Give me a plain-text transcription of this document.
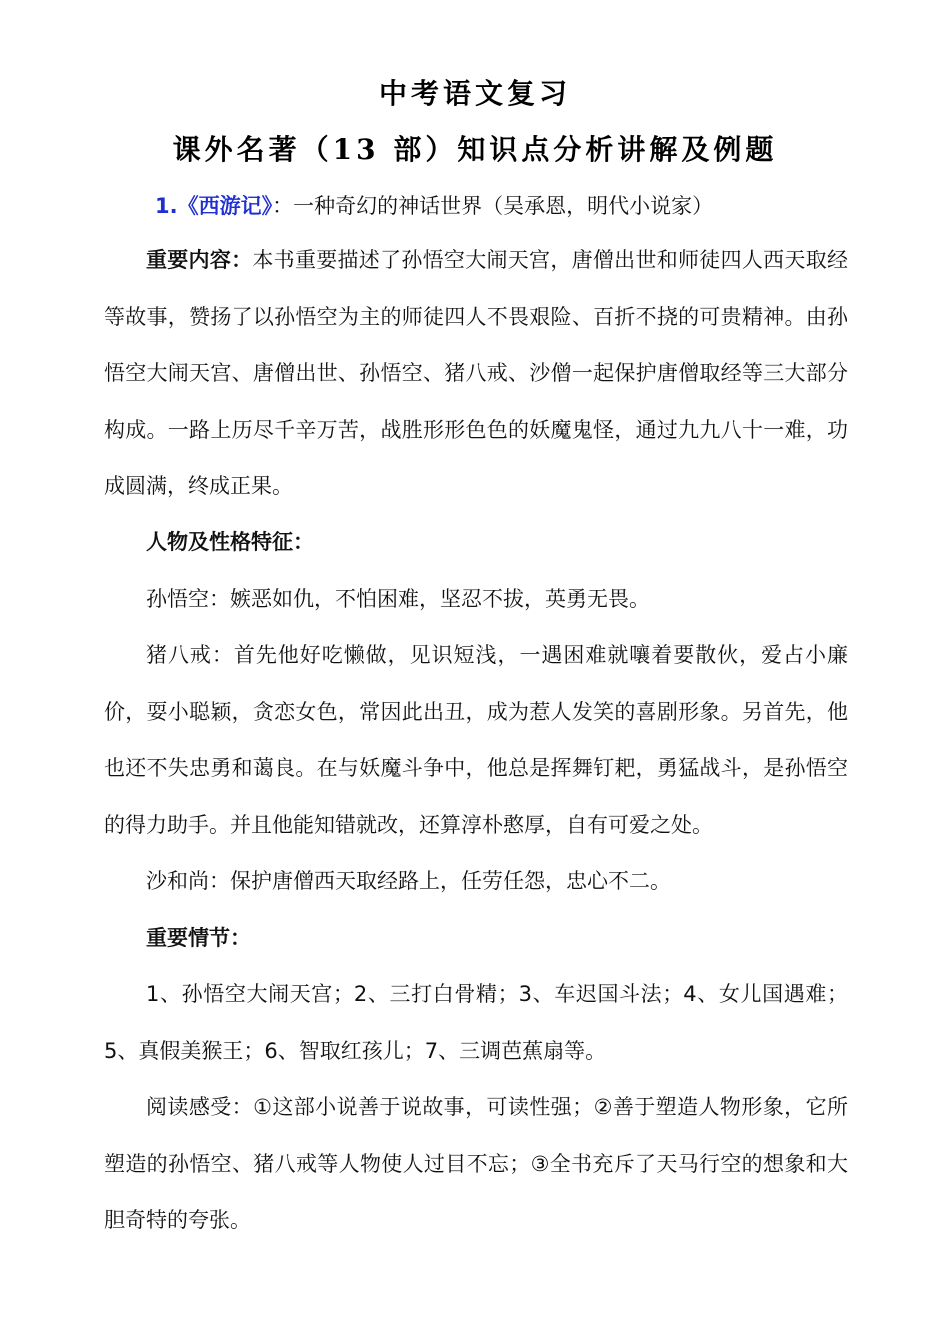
中考语文复习
课外名著（13 部）知识点分析讲解及例题
1.《西游记》：一种奇幻的神话世界（吴承恩，明代小说家）
重要内容：本书重要描述了孙悟空大闹天宫，唐僧出世和师徒四人西天取经等故事，赞扬了以孙悟空为主的师徒四人不畏艰险、百折不挠的可贵精神。由孙悟空大闹天宫、唐僧出世、孙悟空、猪八戒、沙僧一起保护唐僧取经等三大部分构成。一路上历尽千辛万苦，战胜形形色色的妖魔鬼怪，通过九九八十一难，功成圆满，终成正果。
人物及性格特征：
孙悟空：嫉恶如仇，不怕困难，坚忍不拔，英勇无畏。
猪八戒：首先他好吃懒做，见识短浅，一遇困难就嚷着要散伙，爱占小廉价，耍小聪颖，贪恋女色，常因此出丑，成为惹人发笑的喜剧形象。另首先，他也还不失忠勇和蔼良。在与妖魔斗争中，他总是挥舞钉耙，勇猛战斗，是孙悟空的得力助手。并且他能知错就改，还算淳朴憨厚，自有可爱之处。
沙和尚：保护唐僧西天取经路上，任劳任怨，忠心不二。
重要情节：
1、孙悟空大闹天宫；2、三打白骨精；3、车迟国斗法；4、女儿国遇难；5、真假美猴王；6、智取红孩儿；7、三调芭蕉扇等。
阅读感受：①这部小说善于说故事，可读性强；②善于塑造人物形象，它所塑造的孙悟空、猪八戒等人物使人过目不忘；③全书充斥了天马行空的想象和大胆奇特的夸张。
